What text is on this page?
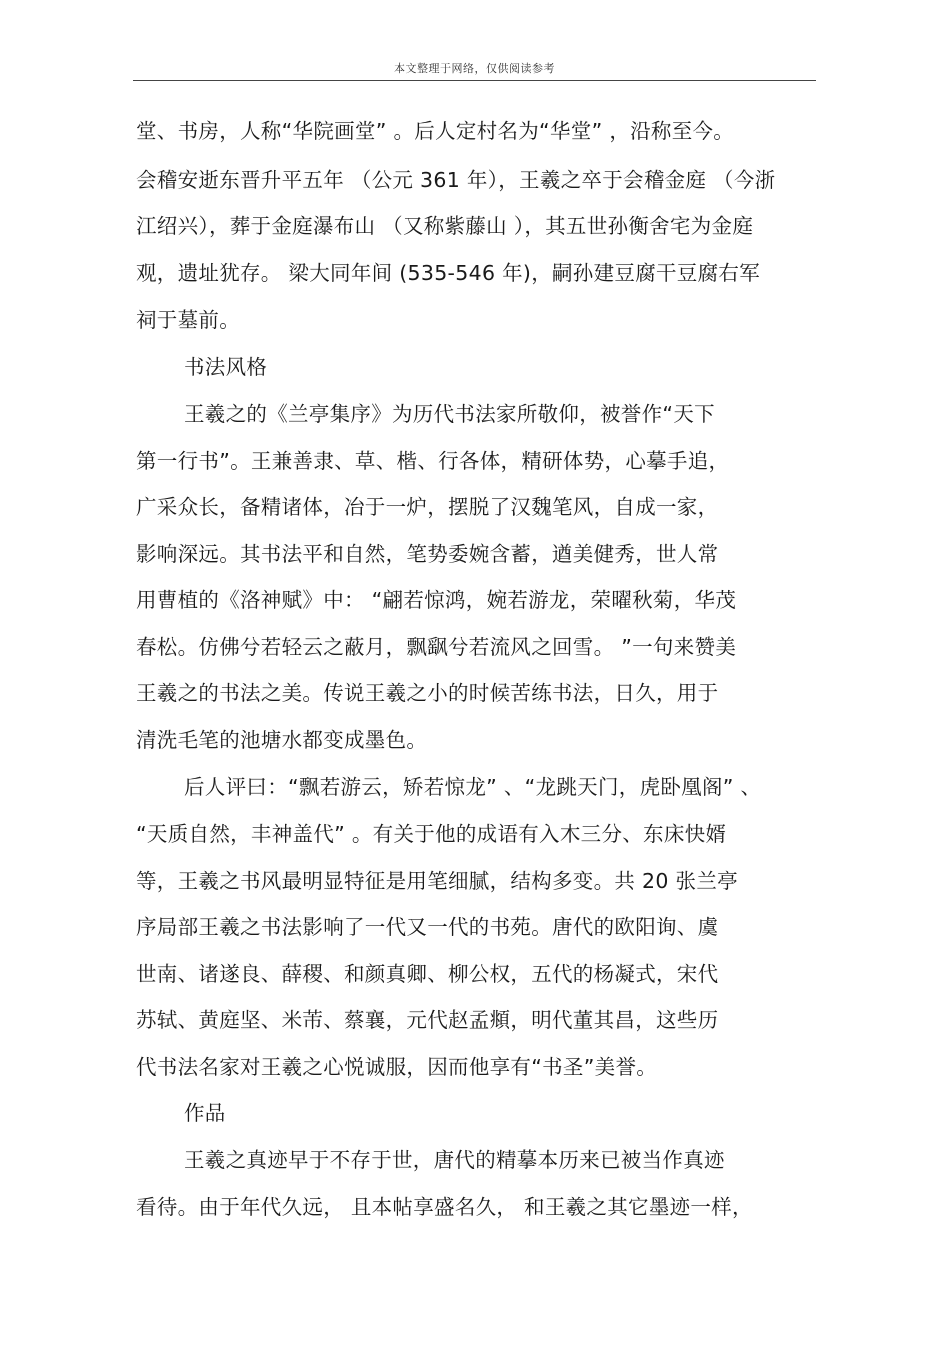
本文整理于网络，仅供阅读参考
堂、书房，人称“华院画堂” 。后人定村名为“华堂” ，沿称至今。
会稽安逝东晋升平五年 （公元 361 年），王羲之卒于会稽金庭 （今浙
江绍兴），葬于金庭瀑布山 （又称紫藤山 ），其五世孙衡舍宅为金庭
观，遗址犹存。 梁大同年间 (535-546 年)，嗣孙建豆腐干豆腐右军
祠于墓前。
书法风格
王羲之的《兰亭集序》为历代书法家所敬仰，被誉作“天下
第一行书”。王兼善隶、草、楷、行各体，精研体势，心摹手追，
广采众长，备精诸体，冶于一炉，摆脱了汉魏笔风，自成一家，
影响深远。其书法平和自然，笔势委婉含蓄，遒美健秀，世人常
用曹植的《洛神赋》中： “翩若惊鸿，婉若游龙，荣曜秋菊，华茂
春松。仿佛兮若轻云之蔽月，飘飖兮若流风之回雪。 ”一句来赞美
王羲之的书法之美。传说王羲之小的时候苦练书法，日久，用于
清洗毛笔的池塘水都变成墨色。
后人评曰：“飘若游云，矫若惊龙” 、“龙跳天门，虎卧凰阁” 、
“天质自然，丰神盖代” 。有关于他的成语有入木三分、东床快婿
等，王羲之书风最明显特征是用笔细腻，结构多变。共 20 张兰亭
序局部王羲之书法影响了一代又一代的书苑。唐代的欧阳询、虞
世南、诸遂良、薛稷、和颜真卿、柳公权，五代的杨凝式，宋代
苏轼、黄庭坚、米芾、蔡襄，元代赵孟頫，明代董其昌，这些历
代书法名家对王羲之心悦诚服，因而他享有“书圣”美誉。
作品
王羲之真迹早于不存于世，唐代的精摹本历来已被当作真迹
看待。由于年代久远， 且本帖享盛名久， 和王羲之其它墨迹一样，
